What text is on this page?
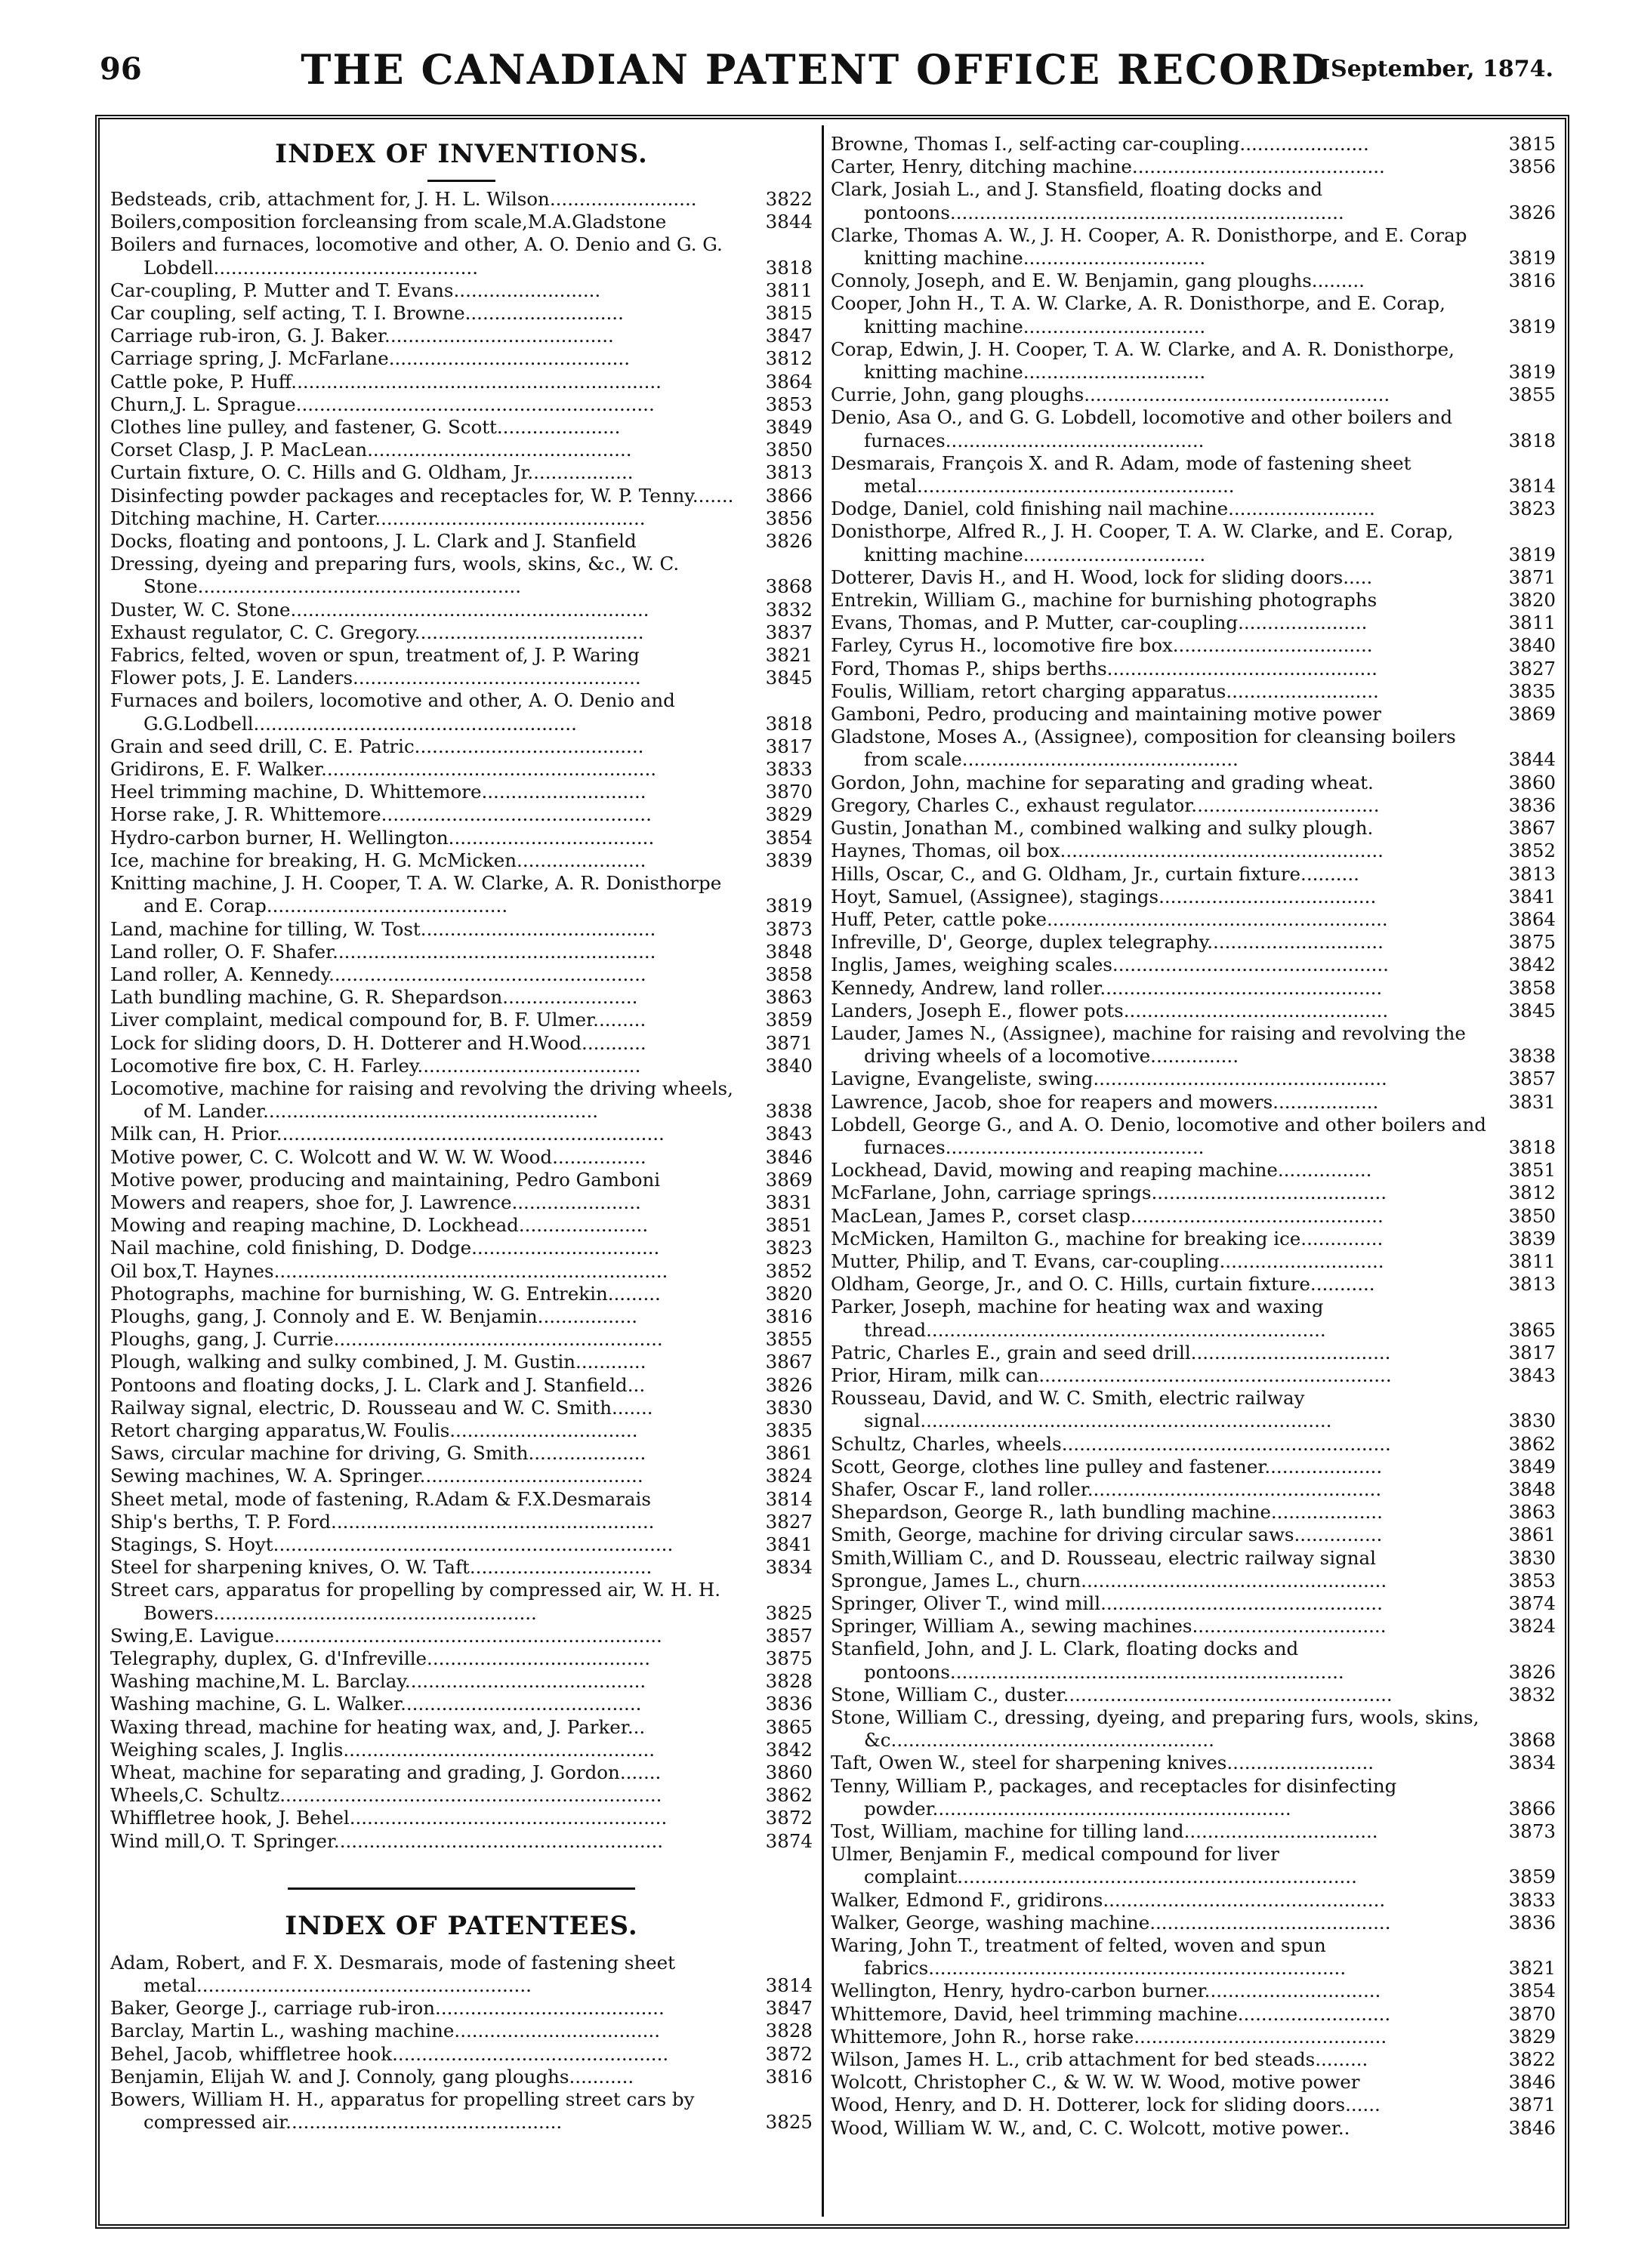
96	THE CANADIAN PATENT OFFICE RECORD
[September, 1874.
INDEX OF INVENTIONS.
Bedsteads, crib, attachment for, J. H. L. Wilson.........................	3822
Boilers,composition forcleansing from scale,M.A.Gladstone	3844
Boilers and furnaces, locomotive and other, A. O. Denio and G. G. Lobdell.............................................	3818
Car-coupling, P. Mutter and T. Evans.........................	3811
Car coupling, self acting, T. I. Browne...........................	3815
Carriage rub-iron, G. J. Baker.......................................	3847
Carriage spring, J. McFarlane.........................................	3812
Cattle poke, P. Huff...............................................................	3864
Churn,J. L. Sprague.............................................................	3853
Clothes line pulley, and fastener, G. Scott.....................	3849
Corset Clasp, J. P. MacLean.............................................	3850
Curtain fixture, O. C. Hills and G. Oldham, Jr..................	3813
Disinfecting powder packages and receptacles for, W. P. Tenny.......	3866
Ditching machine, H. Carter..............................................	3856
Docks, floating and pontoons, J. L. Clark and J. Stanfield	3826
Dressing, dyeing and preparing furs, wools, skins, &c., W. C. Stone.......................................................	3868
Duster, W. C. Stone.............................................................	3832
Exhaust regulator, C. C. Gregory.......................................	3837
Fabrics, felted, woven or spun, treatment of, J. P. Waring	3821
Flower pots, J. E. Landers.................................................	3845
Furnaces and boilers, locomotive and other, A. O. Denio and G.G.Lodbell.......................................................	3818
Grain and seed drill, C. E. Patric.......................................	3817
Gridirons, E. F. Walker.........................................................	3833
Heel trimming machine, D. Whittemore............................	3870
Horse rake, J. R. Whittemore..............................................	3829
Hydro-carbon burner, H. Wellington...................................	3854
Ice, machine for breaking, H. G. McMicken......................	3839
Knitting machine, J. H. Cooper, T. A. W. Clarke, A. R. Donisthorpe and E. Corap.........................................	3819
Land, machine for tilling, W. Tost........................................	3873
Land roller, O. F. Shafer.......................................................	3848
Land roller, A. Kennedy......................................................	3858
Lath bundling machine, G. R. Shepardson.......................	3863
Liver complaint, medical compound for, B. F. Ulmer.........	3859
Lock for sliding doors, D. H. Dotterer and H.Wood...........	3871
Locomotive fire box, C. H. Farley......................................	3840
Locomotive, machine for raising and revolving the driving wheels, of M. Lander.........................................................	3838
Milk can, H. Prior..................................................................	3843
Motive power, C. C. Wolcott and W. W. W. Wood................	3846
Motive power, producing and maintaining, Pedro Gamboni	3869
Mowers and reapers, shoe for, J. Lawrence......................	3831
Mowing and reaping machine, D. Lockhead......................	3851
Nail machine, cold finishing, D. Dodge................................	3823
Oil box,T. Haynes...................................................................	3852
Photographs, machine for burnishing, W. G. Entrekin.........	3820
Ploughs, gang, J. Connoly and E. W. Benjamin.................	3816
Ploughs, gang, J. Currie........................................................	3855
Plough, walking and sulky combined, J. M. Gustin............	3867
Pontoons and floating docks, J. L. Clark and J. Stanfield...	3826
Railway signal, electric, D. Rousseau and W. C. Smith.......	3830
Retort charging apparatus,W. Foulis................................	3835
Saws, circular machine for driving, G. Smith....................	3861
Sewing machines, W. A. Springer......................................	3824
Sheet metal, mode of fastening, R.Adam & F.X.Desmarais	3814
Ship's berths, T. P. Ford.......................................................	3827
Stagings, S. Hoyt....................................................................	3841
Steel for sharpening knives, O. W. Taft...............................	3834
Street cars, apparatus for propelling by compressed air, W. H. H. Bowers.......................................................	3825
Swing,E. Lavigue..................................................................	3857
Telegraphy, duplex, G. d'Infreville......................................	3875
Washing machine,M. L. Barclay.........................................	3828
Washing machine, G. L. Walker.........................................	3836
Waxing thread, machine for heating wax, and, J. Parker...	3865
Weighing scales, J. Inglis.....................................................	3842
Wheat, machine for separating and grading, J. Gordon.......	3860
Wheels,C. Schultz.................................................................	3862
Whiffletree hook, J. Behel......................................................	3872
Wind mill,O. T. Springer........................................................	3874
INDEX OF PATENTEES.
Adam, Robert, and F. X. Desmarais, mode of fastening sheet metal.........................................................	3814
Baker, George J., carriage rub-iron.......................................	3847
Barclay, Martin L., washing machine...................................	3828
Behel, Jacob, whiffletree hook...............................................	3872
Benjamin, Elijah W. and J. Connoly, gang ploughs...........	3816
Bowers, William H. H., apparatus for propelling street cars by compressed air...............................................	3825
Browne, Thomas I., self-acting car-coupling......................	3815
Carter, Henry, ditching machine...........................................	3856
Clark, Josiah L., and J. Stansfield, floating docks and pontoons...................................................................	3826
Clarke, Thomas A. W., J. H. Cooper, A. R. Donisthorpe, and E. Corap knitting machine...............................	3819
Connoly, Joseph, and E. W. Benjamin, gang ploughs.........	3816
Cooper, John H., T. A. W. Clarke, A. R. Donisthorpe, and E. Corap, knitting machine...............................	3819
Corap, Edwin, J. H. Cooper, T. A. W. Clarke, and A. R. Donisthorpe, knitting machine...............................	3819
Currie, John, gang ploughs....................................................	3855
Denio, Asa O., and G. G. Lobdell, locomotive and other boilers and furnaces............................................	3818
Desmarais, François X. and R. Adam, mode of fastening sheet metal......................................................	3814
Dodge, Daniel, cold finishing nail machine.........................	3823
Donisthorpe, Alfred R., J. H. Cooper, T. A. W. Clarke, and E. Corap, knitting machine...............................	3819
Dotterer, Davis H., and H. Wood, lock for sliding doors.....	3871
Entrekin, William G., machine for burnishing photographs	3820
Evans, Thomas, and P. Mutter, car-coupling......................	3811
Farley, Cyrus H., locomotive fire box..................................	3840
Ford, Thomas P., ships berths..............................................	3827
Foulis, William, retort charging apparatus..........................	3835
Gamboni, Pedro, producing and maintaining motive power	3869
Gladstone, Moses A., (Assignee), composition for cleansing boilers from scale...............................................	3844
Gordon, John, machine for separating and grading wheat.	3860
Gregory, Charles C., exhaust regulator................................	3836
Gustin, Jonathan M., combined walking and sulky plough.	3867
Haynes, Thomas, oil box.......................................................	3852
Hills, Oscar, C., and G. Oldham, Jr., curtain fixture..........	3813
Hoyt, Samuel, (Assignee), stagings.....................................	3841
Huff, Peter, cattle poke..........................................................	3864
Infreville, D', George, duplex telegraphy..............................	3875
Inglis, James, weighing scales...............................................	3842
Kennedy, Andrew, land roller................................................	3858
Landers, Joseph E., flower pots.............................................	3845
Lauder, James N., (Assignee), machine for raising and revolving the driving wheels of a locomotive...............	3838
Lavigne, Evangeliste, swing..................................................	3857
Lawrence, Jacob, shoe for reapers and mowers..................	3831
Lobdell, George G., and A. O. Denio, locomotive and other boilers and furnaces............................................	3818
Lockhead, David, mowing and reaping machine................	3851
McFarlane, John, carriage springs........................................	3812
MacLean, James P., corset clasp...........................................	3850
McMicken, Hamilton G., machine for breaking ice..............	3839
Mutter, Philip, and T. Evans, car-coupling............................	3811
Oldham, George, Jr., and O. C. Hills, curtain fixture...........	3813
Parker, Joseph, machine for heating wax and waxing thread....................................................................	3865
Patric, Charles E., grain and seed drill..................................	3817
Prior, Hiram, milk can............................................................	3843
Rousseau, David, and W. C. Smith, electric railway signal......................................................................	3830
Schultz, Charles, wheels........................................................	3862
Scott, George, clothes line pulley and fastener....................	3849
Shafer, Oscar F., land roller..................................................	3848
Shepardson, George R., lath bundling machine...................	3863
Smith, George, machine for driving circular saws...............	3861
Smith,William C., and D. Rousseau, electric railway signal	3830
Sprongue, James L., churn....................................................	3853
Springer, Oliver T., wind mill................................................	3874
Springer, William A., sewing machines.................................	3824
Stanfield, John, and J. L. Clark, floating docks and pontoons...................................................................	3826
Stone, William C., duster........................................................	3832
Stone, William C., dressing, dyeing, and preparing furs, wools, skins, &c.......................................................	3868
Taft, Owen W., steel for sharpening knives.........................	3834
Tenny, William P., packages, and receptacles for disinfecting powder.............................................................	3866
Tost, William, machine for tilling land.................................	3873
Ulmer, Benjamin F., medical compound for liver complaint....................................................................	3859
Walker, Edmond F., gridirons................................................	3833
Walker, George, washing machine.........................................	3836
Waring, John T., treatment of felted, woven and spun fabrics.......................................................................	3821
Wellington, Henry, hydro-carbon burner..............................	3854
Whittemore, David, heel trimming machine..........................	3870
Whittemore, John R., horse rake...........................................	3829
Wilson, James H. L., crib attachment for bed steads.........	3822
Wolcott, Christopher C., & W. W. W. Wood, motive power	3846
Wood, Henry, and D. H. Dotterer, lock for sliding doors......	3871
Wood, William W. W., and, C. C. Wolcott, motive power..	3846
